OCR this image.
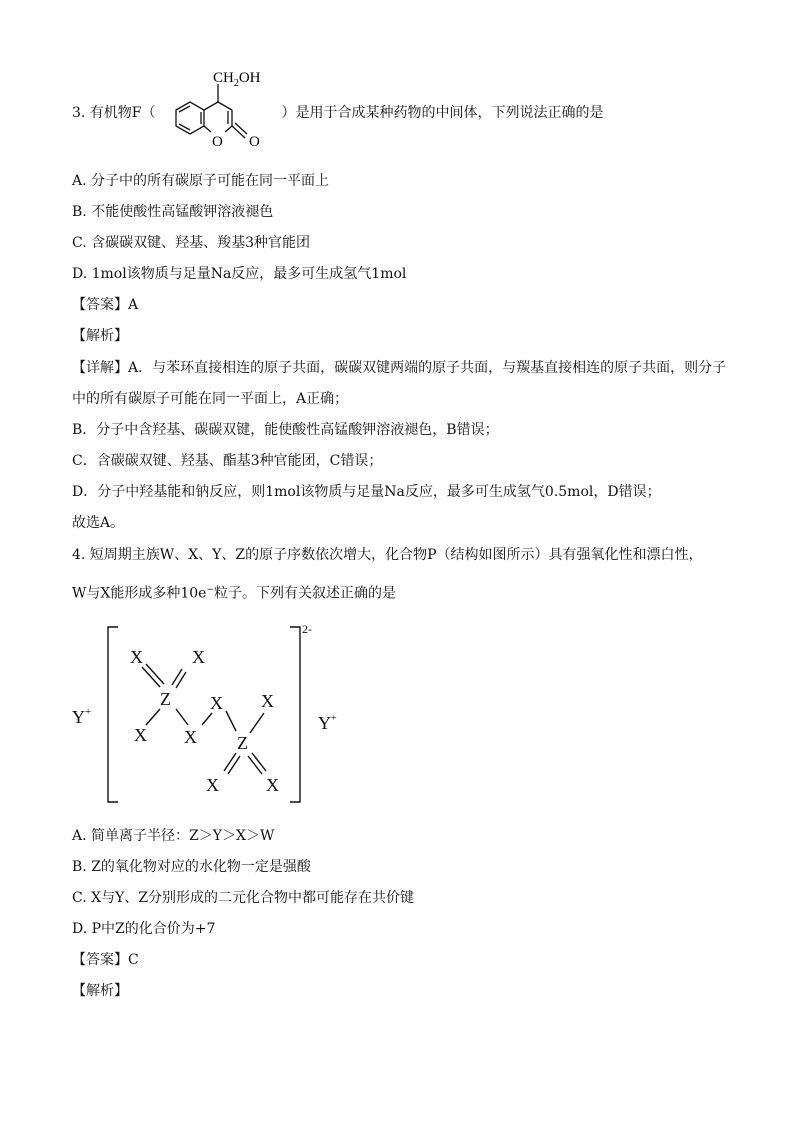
3. 有机物F（	）是用于合成某种药物的中间体，下列说法正确的是
$CH_2OH$
O O
A. 分子中的所有碳原子可能在同一平面上
B. 不能使酸性高锰酸钾溶液褪色
C. 含碳碳双键、羟基、羧基3种官能团
D. 1mol该物质与足量Na反应，最多可生成氢气1mol
【答案】A
【解析】
【详解】A．与苯环直接相连的原子共面，碳碳双键两端的原子共面，与羰基直接相连的原子共面，则分子
中的所有碳原子可能在同一平面上，A正确；
B．分子中含羟基、碳碳双键，能使酸性高锰酸钾溶液褪色，B错误；
C．含碳碳双键、羟基、酯基3种官能团，C错误；
D．分子中羟基能和钠反应，则1mol该物质与足量Na反应，最多可生成氢气0.5mol，D错误；
故选A。
4. 短周期主族W、X、Y、Z的原子序数依次增大，化合物P（结构如图所示）具有强氧化性和漂白性，
W与X能形成多种10e−粒子。下列有关叙述正确的是
Y+
X	X
Z X X
X X Z
X	X
Y+
2-
A. 简单离子半径：Z＞Y＞X＞W
B. Z的氧化物对应的水化物一定是强酸
C. X与Y、Z分别形成的二元化合物中都可能存在共价键
D. P中Z的化合价为+7
【答案】C
【解析】
